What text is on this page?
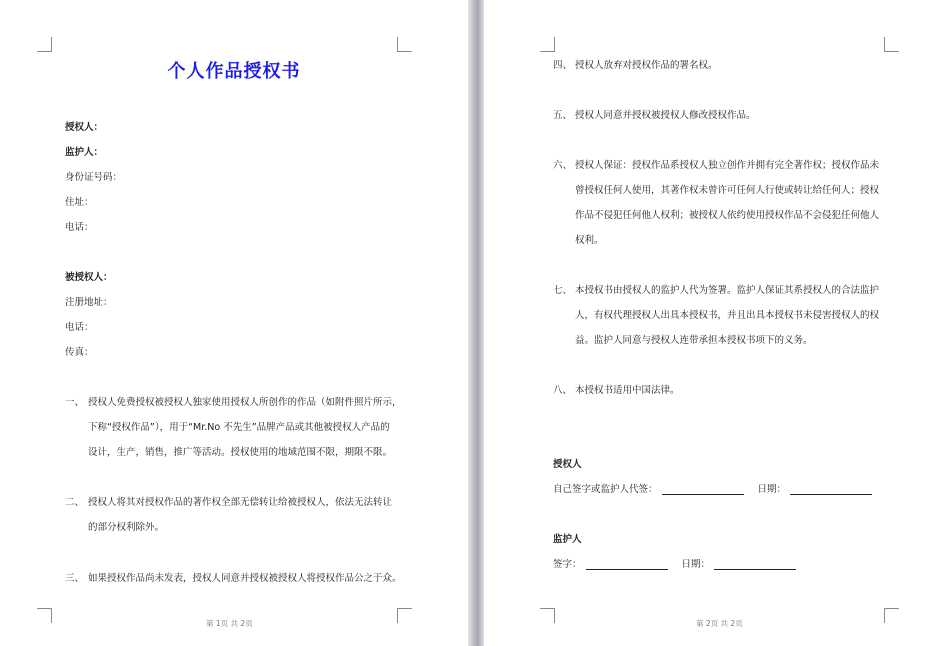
个人作品授权书
授权人：
监护人：
身份证号码：
住址：
电话：
被授权人：
注册地址：
电话：
传真：
一、 授权人免费授权被授权人独家使用授权人所创作的作品（如附件照片所示，
下称“授权作品”），用于“Mr.No 不先生”品牌产品或其他被授权人产品的
设计，生产，销售，推广等活动。授权使用的地域范围不限，期限不限。
二、 授权人将其对授权作品的著作权全部无偿转让给被授权人，依法无法转让
的部分权利除外。
三、 如果授权作品尚未发表，授权人同意并授权被授权人将授权作品公之于众。
第 1页 共 2页
四、 授权人放弃对授权作品的署名权。
五、 授权人同意并授权被授权人修改授权作品。
六、 授权人保证：授权作品系授权人独立创作并拥有完全著作权；授权作品未
曾授权任何人使用，其著作权未曾许可任何人行使或转让给任何人；授权
作品不侵犯任何他人权利；被授权人依约使用授权作品不会侵犯任何他人
权利。
七、 本授权书由授权人的监护人代为签署。监护人保证其系授权人的合法监护
人，有权代理授权人出具本授权书，并且出具本授权书未侵害授权人的权
益。监护人同意与授权人连带承担本授权书项下的义务。
八、 本授权书适用中国法律。
授权人
自己签字或监护人代签：	日期：
监护人
签字：	日期：
第 2页 共 2页
